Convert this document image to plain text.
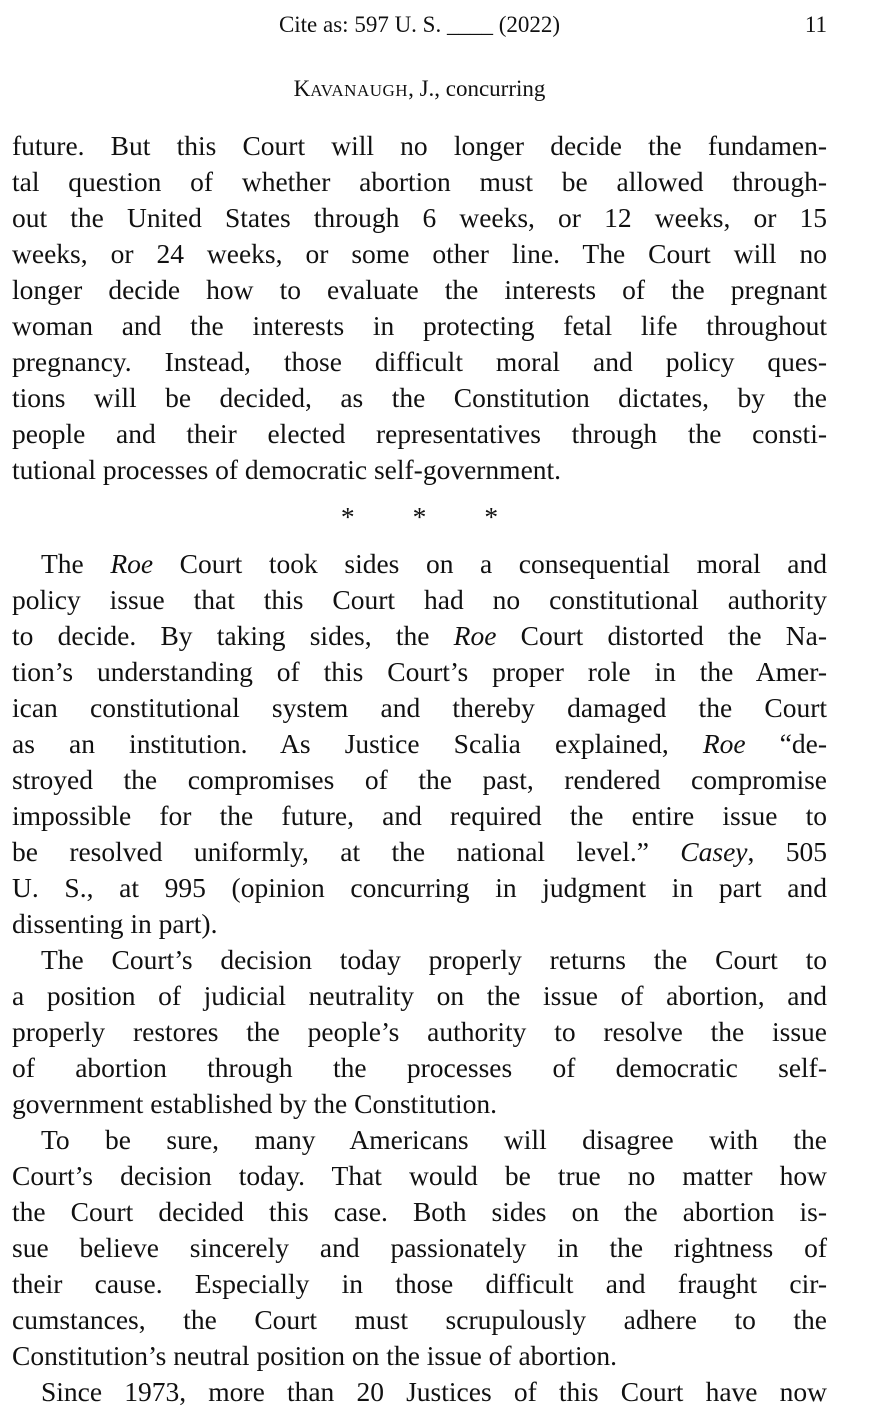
Cite as: 597 U. S. ____ (2022)	11
KAVANAUGH, J., concurring
future. But this Court will no longer decide the fundamen-
tal question of whether abortion must be allowed through-
out the United States through 6 weeks, or 12 weeks, or 15
weeks, or 24 weeks, or some other line. The Court will no
longer decide how to evaluate the interests of the pregnant
woman and the interests in protecting fetal life throughout
pregnancy. Instead, those difficult moral and policy ques-
tions will be decided, as the Constitution dictates, by the
people and their elected representatives through the consti-
tutional processes of democratic self-government.
* * *
The Roe Court took sides on a consequential moral and
policy issue that this Court had no constitutional authority
to decide. By taking sides, the Roe Court distorted the Na-
tion’s understanding of this Court’s proper role in the Amer-
ican constitutional system and thereby damaged the Court
as an institution. As Justice Scalia explained, Roe “de-
stroyed the compromises of the past, rendered compromise
impossible for the future, and required the entire issue to
be resolved uniformly, at the national level.” Casey, 505
U. S., at 995 (opinion concurring in judgment in part and
dissenting in part).
The Court’s decision today properly returns the Court to
a position of judicial neutrality on the issue of abortion, and
properly restores the people’s authority to resolve the issue
of abortion through the processes of democratic self-
government established by the Constitution.
To be sure, many Americans will disagree with the
Court’s decision today. That would be true no matter how
the Court decided this case. Both sides on the abortion is-
sue believe sincerely and passionately in the rightness of
their cause. Especially in those difficult and fraught cir-
cumstances, the Court must scrupulously adhere to the
Constitution’s neutral position on the issue of abortion.
Since 1973, more than 20 Justices of this Court have now
